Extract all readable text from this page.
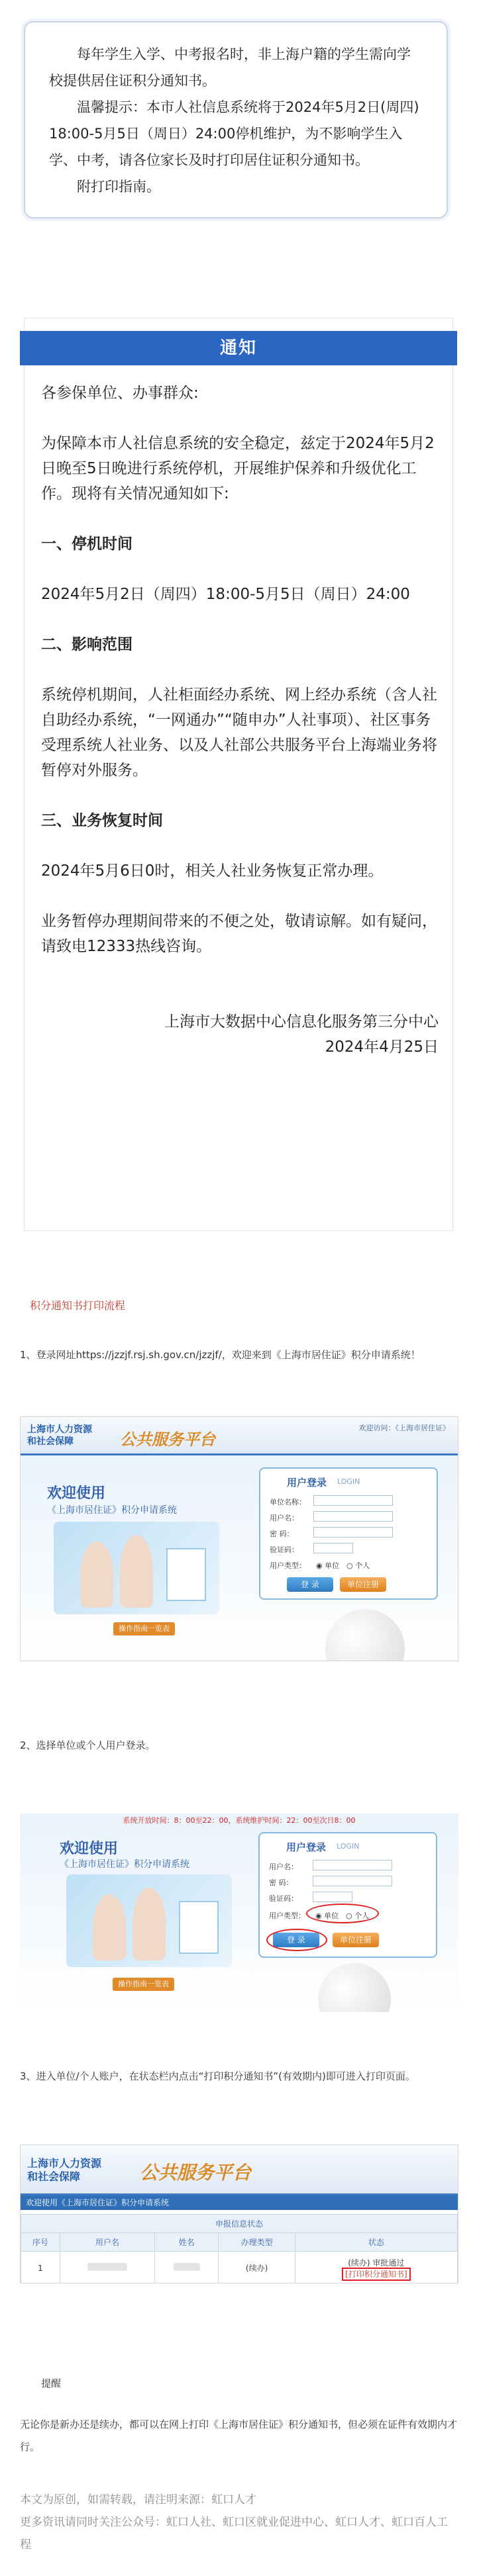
每年学生入学、中考报名时，非上海户籍的学生需向学校提供居住证积分通知书。

温馨提示：本市人社信息系统将于2024年5月2日(周四) 18:00-5月5日（周日）24:00停机维护，为不影响学生入学、中考，请各位家长及时打印居住证积分通知书。

附打印指南。

通知
各参保单位、办事群众:
为保障本市人社信息系统的安全稳定，兹定于2024年5月2日晚至5日晚进行系统停机，开展维护保养和升级优化工作。现将有关情况通知如下:
一、停机时间
2024年5月2日（周四）18:00-5月5日（周日）24:00
二、影响范围
系统停机期间，人社柜面经办系统、网上经办系统（含人社自助经办系统，“一网通办”“随申办”人社事项）、社区事务受理系统人社业务、以及人社部公共服务平台上海端业务将暂停对外服务。
三、业务恢复时间
2024年5月6日0时，相关人社业务恢复正常办理。
业务暂停办理期间带来的不便之处，敬请谅解。如有疑问，请致电12333热线咨询。
上海市大数据中心信息化服务第三分中心
2024年4月25日
积分通知书打印流程
1、登录网址https://jzzjf.rsj.sh.gov.cn/jzzjf/，欢迎来到《上海市居住证》积分申请系统！
上海市人力资源
和社会保障	公共服务平台
欢迎访问：《上海市居住证》
欢迎使用
《上海市居住证》积分申请系统
操作指南一览表
用户登录 LOGIN
单位名称：
用户名：
密 码：
验证码：
用户类型： ◉ 单位 ○ 个人
登 录	单位注册
2、选择单位或个人用户登录。
系统开放时间：8：00至22：00，系统维护时间：22：00至次日8：00
欢迎使用
《上海市居住证》积分申请系统
操作指南一览表
用户登录 LOGIN
用户名：
密 码：
验证码：
用户类型： ◉ 单位 ○ 个人
登 录	单位注册
3、进入单位/个人账户，在状态栏内点击“打印积分通知书”(有效期内)即可进入打印页面。
上海市人力资源
和社会保障	公共服务平台
欢迎使用《上海市居住证》积分申请系统
申报信息状态				
序号	用户名	姓名	办理类型	状态
1			(续办)	(续办) 审批通过
[打印积分通知书]
提醒
无论你是新办还是续办，都可以在网上打印《上海市居住证》积分通知书，但必须在证件有效期内才行。
本文为原创，如需转载，请注明来源：虹口人才
更多资讯请同时关注公众号：虹口人社、虹口区就业促进中心、虹口人才、虹口百人工程
